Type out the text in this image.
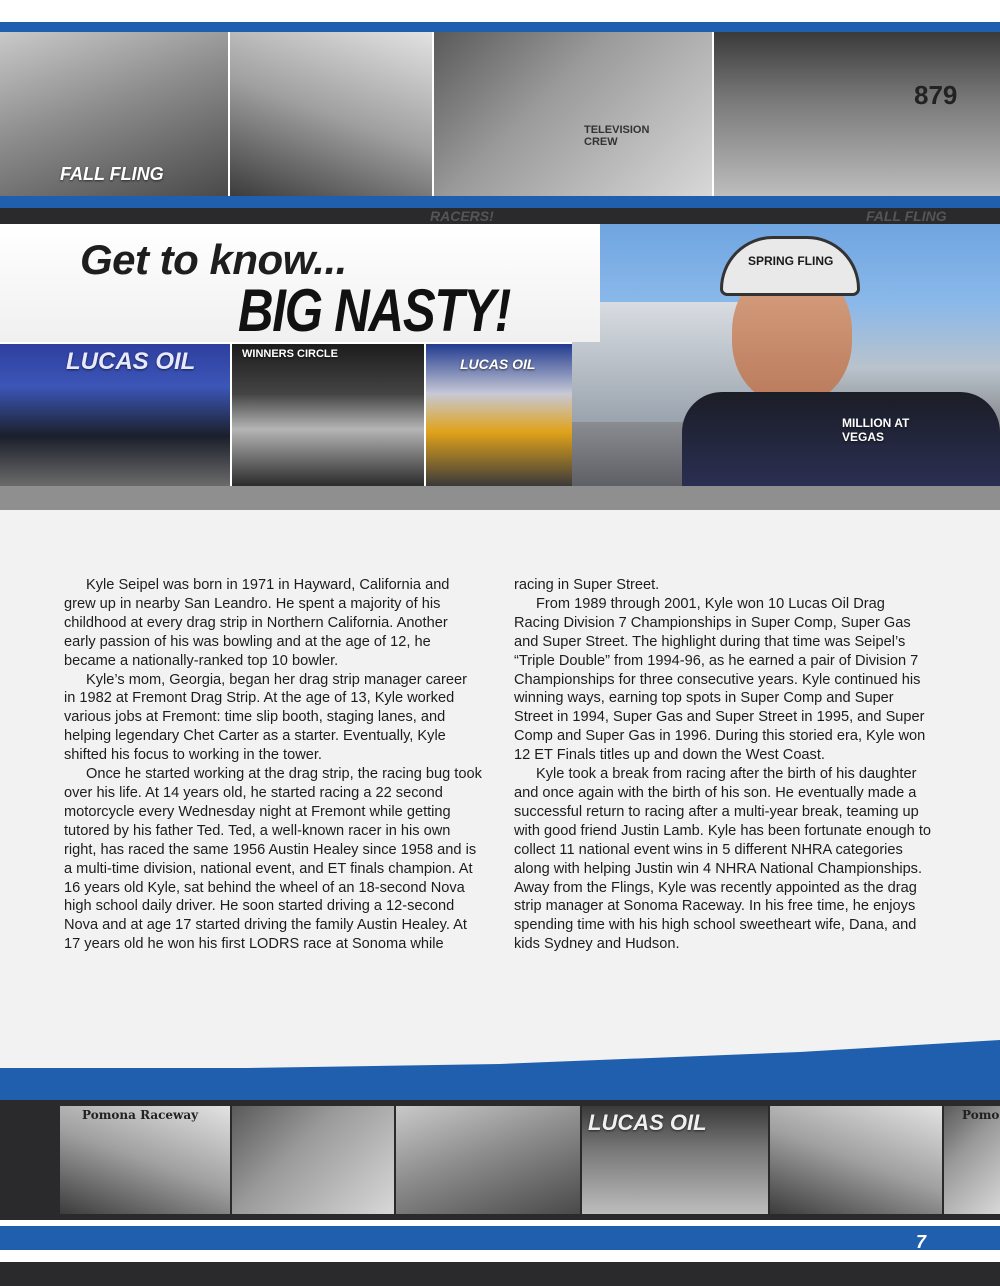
FALL FLING
TELEVISION CREW
879
RACERS!	FALL FLING
SPRING FLING
MILLION AT VEGAS
Get to know...
BIG NASTY!
LUCAS OIL	WINNERS CIRCLE
LUCAS OIL

Kyle Seipel was born in 1971 in Hayward, California and grew up in nearby San Leandro. He spent a majority of his childhood at every drag strip in Northern California. Another early passion of his was bowling and at the age of 12, he became a nationally-ranked top 10 bowler.

Kyle’s mom, Georgia, began her drag strip manager career in 1982 at Fremont Drag Strip. At the age of 13, Kyle worked various jobs at Fremont: time slip booth, staging lanes, and helping legendary Chet Carter as a starter. Eventually, Kyle shifted his focus to working in the tower.

Once he started working at the drag strip, the racing bug took over his life. At 14 years old, he started racing a 22 second motorcycle every Wednesday night at Fremont while getting tutored by his father Ted. Ted, a well-known racer in his own right, has raced the same 1956 Austin Healey since 1958 and is a multi-time division, national event, and ET finals champion. At 16 years old Kyle, sat behind the wheel of an 18-second Nova high school daily driver. He soon started driving a 12-second Nova and at age 17 started driving the family Austin Healey. At 17 years old he won his first LODRS race at Sonoma while

racing in Super Street.

From 1989 through 2001, Kyle won 10 Lucas Oil Drag Racing Division 7 Championships in Super Comp, Super Gas and Super Street. The highlight during that time was Seipel’s “Triple Double” from 1994-96, as he earned a pair of Division 7 Championships for three consecutive years. Kyle continued his winning ways, earning top spots in Super Comp and Super Street in 1994, Super Gas and Super Street in 1995, and Super Comp and Super Gas in 1996. During this storied era, Kyle won 12 ET Finals titles up and down the West Coast.

Kyle took a break from racing after the birth of his daughter and once again with the birth of his son. He eventually made a successful return to racing after a multi-year break, teaming up with good friend Justin Lamb. Kyle has been fortunate enough to collect 11 national event wins in 5 different NHRA categories along with helping Justin win 4 NHRA National Championships. Away from the Flings, Kyle was recently appointed as the drag strip manager at Sonoma Raceway. In his free time, he enjoys spending time with his high school sweetheart wife, Dana, and kids Sydney and Hudson.

Pomona Raceway	LUCAS OIL	Pomo
7
